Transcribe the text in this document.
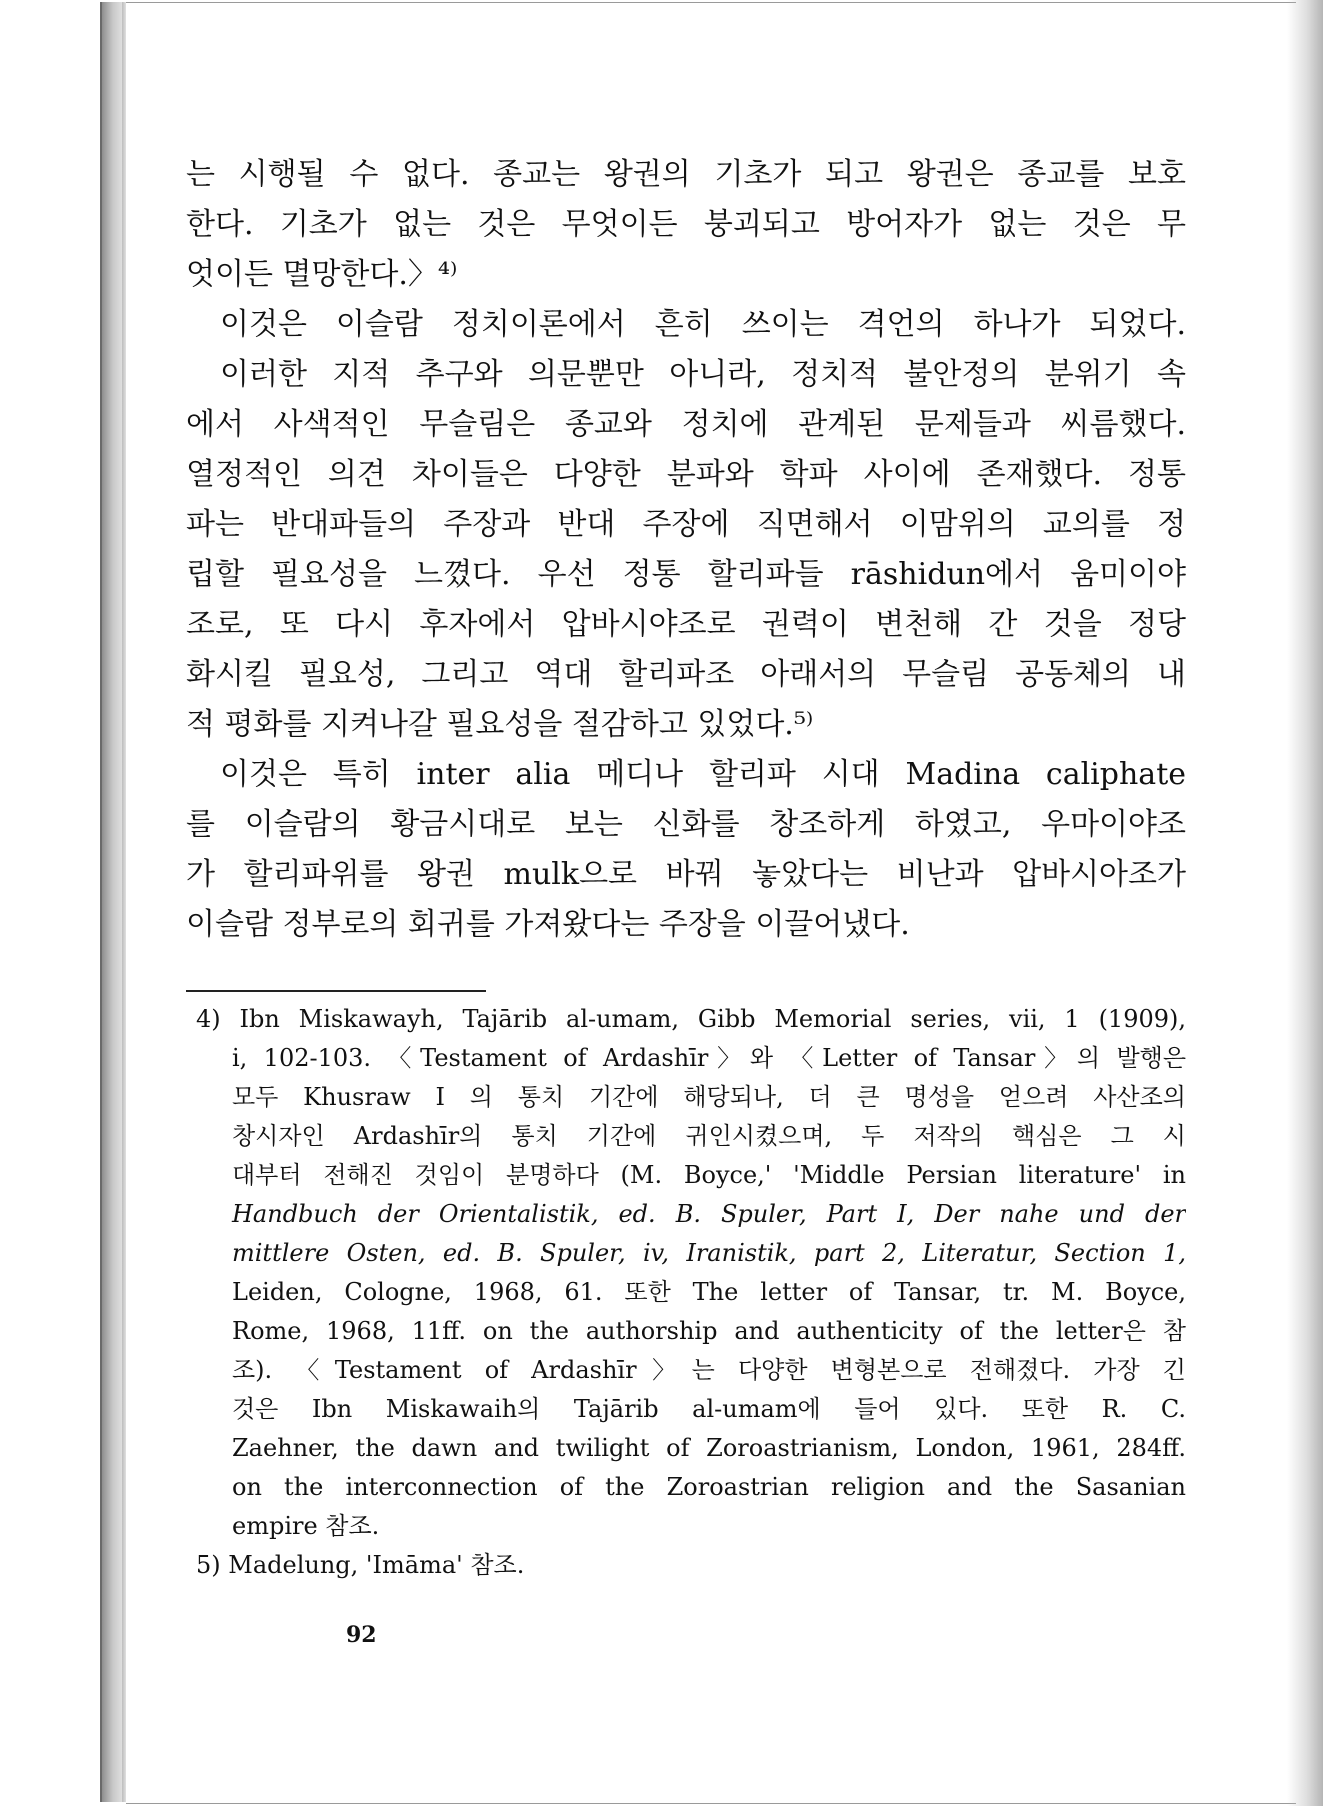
는 시행될 수 없다. 종교는 왕권의 기초가 되고 왕권은 종교를 보호
한다. 기초가 없는 것은 무엇이든 붕괴되고 방어자가 없는 것은 무
엇이든 멸망한다.〉⁴⁾
이것은 이슬람 정치이론에서 흔히 쓰이는 격언의 하나가 되었다.
이러한 지적 추구와 의문뿐만 아니라, 정치적 불안정의 분위기 속
에서 사색적인 무슬림은 종교와 정치에 관계된 문제들과 씨름했다.
열정적인 의견 차이들은 다양한 분파와 학파 사이에 존재했다. 정통
파는 반대파들의 주장과 반대 주장에 직면해서 이맘위의 교의를 정
립할 필요성을 느꼈다. 우선 정통 할리파들 rāshidun에서 움미이야
조로, 또 다시 후자에서 압바시야조로 권력이 변천해 간 것을 정당
화시킬 필요성, 그리고 역대 할리파조 아래서의 무슬림 공동체의 내
적 평화를 지켜나갈 필요성을 절감하고 있었다.⁵⁾
이것은 특히 inter alia 메디나 할리파 시대 Madina caliphate
를 이슬람의 황금시대로 보는 신화를 창조하게 하였고, 우마이야조
가 할리파위를 왕권 mulk으로 바꿔 놓았다는 비난과 압바시아조가
이슬람 정부로의 회귀를 가져왔다는 주장을 이끌어냈다.
4) Ibn Miskawayh, Tajārib al-umam, Gibb Memorial series, vii, 1 (1909),
i, 102-103. 〈Testament of Ardashīr〉와 〈Letter of Tansar〉의 발행은
모두 Khusraw I 의 통치 기간에 해당되나, 더 큰 명성을 얻으려 사산조의
창시자인 Ardashīr의 통치 기간에 귀인시켰으며, 두 저작의 핵심은 그 시
대부터 전해진 것임이 분명하다 (M. Boyce,' 'Middle Persian literature' in
Handbuch der Orientalistik, ed. B. Spuler, Part I, Der nahe und der
mittlere Osten, ed. B. Spuler, iv, Iranistik, part 2, Literatur, Section 1,
Leiden, Cologne, 1968, 61. 또한 The letter of Tansar, tr. M. Boyce,
Rome, 1968, 11ff. on the authorship and authenticity of the letter은 참
조). 〈Testament of Ardashīr〉는 다양한 변형본으로 전해졌다. 가장 긴
것은 Ibn Miskawaih의 Tajārib al-umam에 들어 있다. 또한 R. C.
Zaehner, the dawn and twilight of Zoroastrianism, London, 1961, 284ff.
on the interconnection of the Zoroastrian religion and the Sasanian
empire 참조.
5) Madelung, 'Imāma' 참조.
92
